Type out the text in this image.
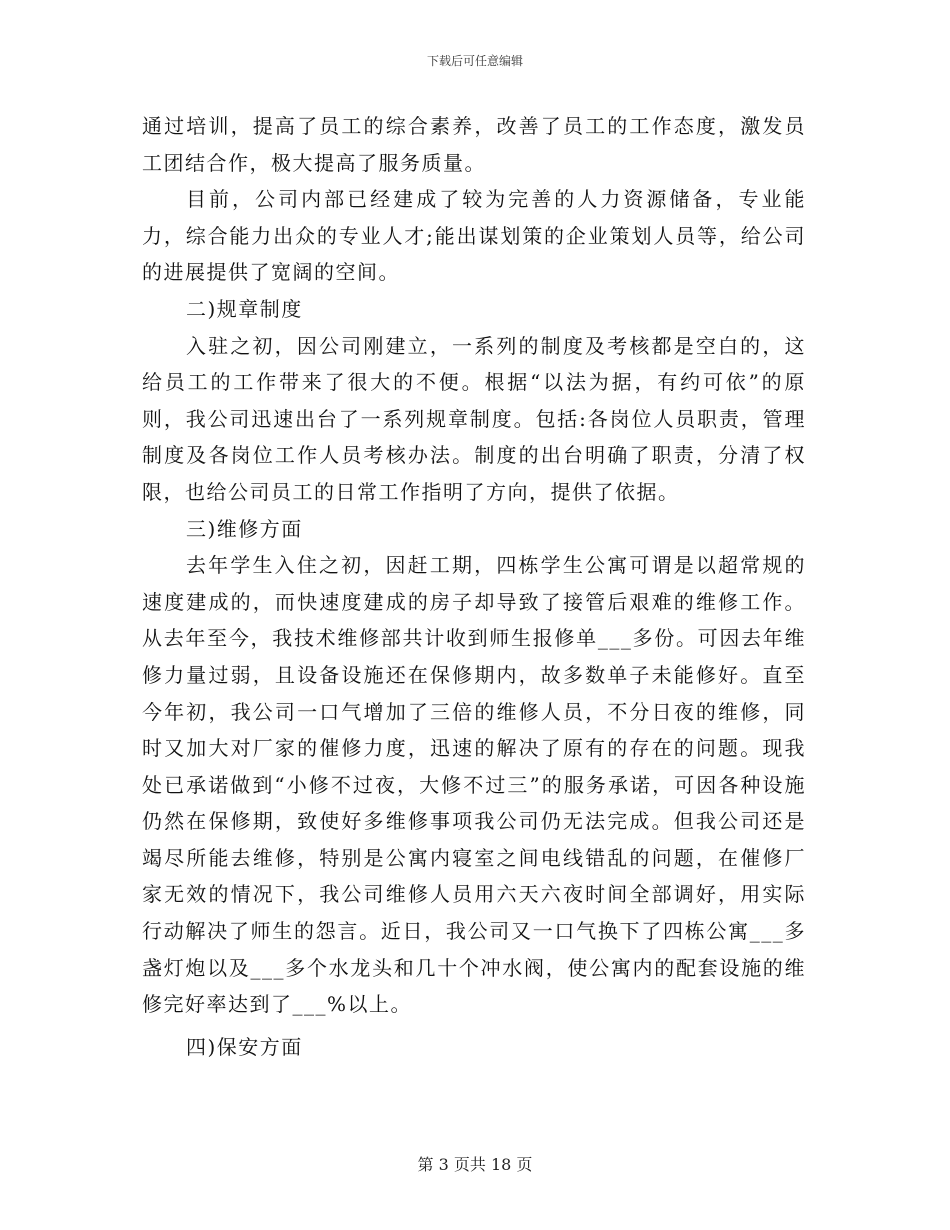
下载后可任意编辑

通过培训，提高了员工的综合素养，改善了员工的工作态度，激发员工团结合作，极大提高了服务质量。

目前，公司内部已经建成了较为完善的人力资源储备，专业能力，综合能力出众的专业人才;能出谋划策的企业策划人员等，给公司的进展提供了宽阔的空间。

二)规章制度

入驻之初，因公司刚建立，一系列的制度及考核都是空白的，这给员工的工作带来了很大的不便。根据“以法为据，有约可依”的原则，我公司迅速出台了一系列规章制度。包括:各岗位人员职责，管理制度及各岗位工作人员考核办法。制度的出台明确了职责，分清了权限，也给公司员工的日常工作指明了方向，提供了依据。

三)维修方面

去年学生入住之初，因赶工期，四栋学生公寓可谓是以超常规的速度建成的，而快速度建成的房子却导致了接管后艰难的维修工作。从去年至今，我技术维修部共计收到师生报修单___多份。可因去年维修力量过弱，且设备设施还在保修期内，故多数单子未能修好。直至今年初，我公司一口气增加了三倍的维修人员，不分日夜的维修，同时又加大对厂家的催修力度，迅速的解决了原有的存在的问题。现我处已承诺做到“小修不过夜，大修不过三”的服务承诺，可因各种设施仍然在保修期，致使好多维修事项我公司仍无法完成。但我公司还是竭尽所能去维修，特别是公寓内寝室之间电线错乱的问题，在催修厂家无效的情况下，我公司维修人员用六天六夜时间全部调好，用实际行动解决了师生的怨言。近日，我公司又一口气换下了四栋公寓___多盏灯炮以及___多个水龙头和几十个冲水阀，使公寓内的配套设施的维修完好率达到了___%以上。

四)保安方面

第 3 页共 18 页
